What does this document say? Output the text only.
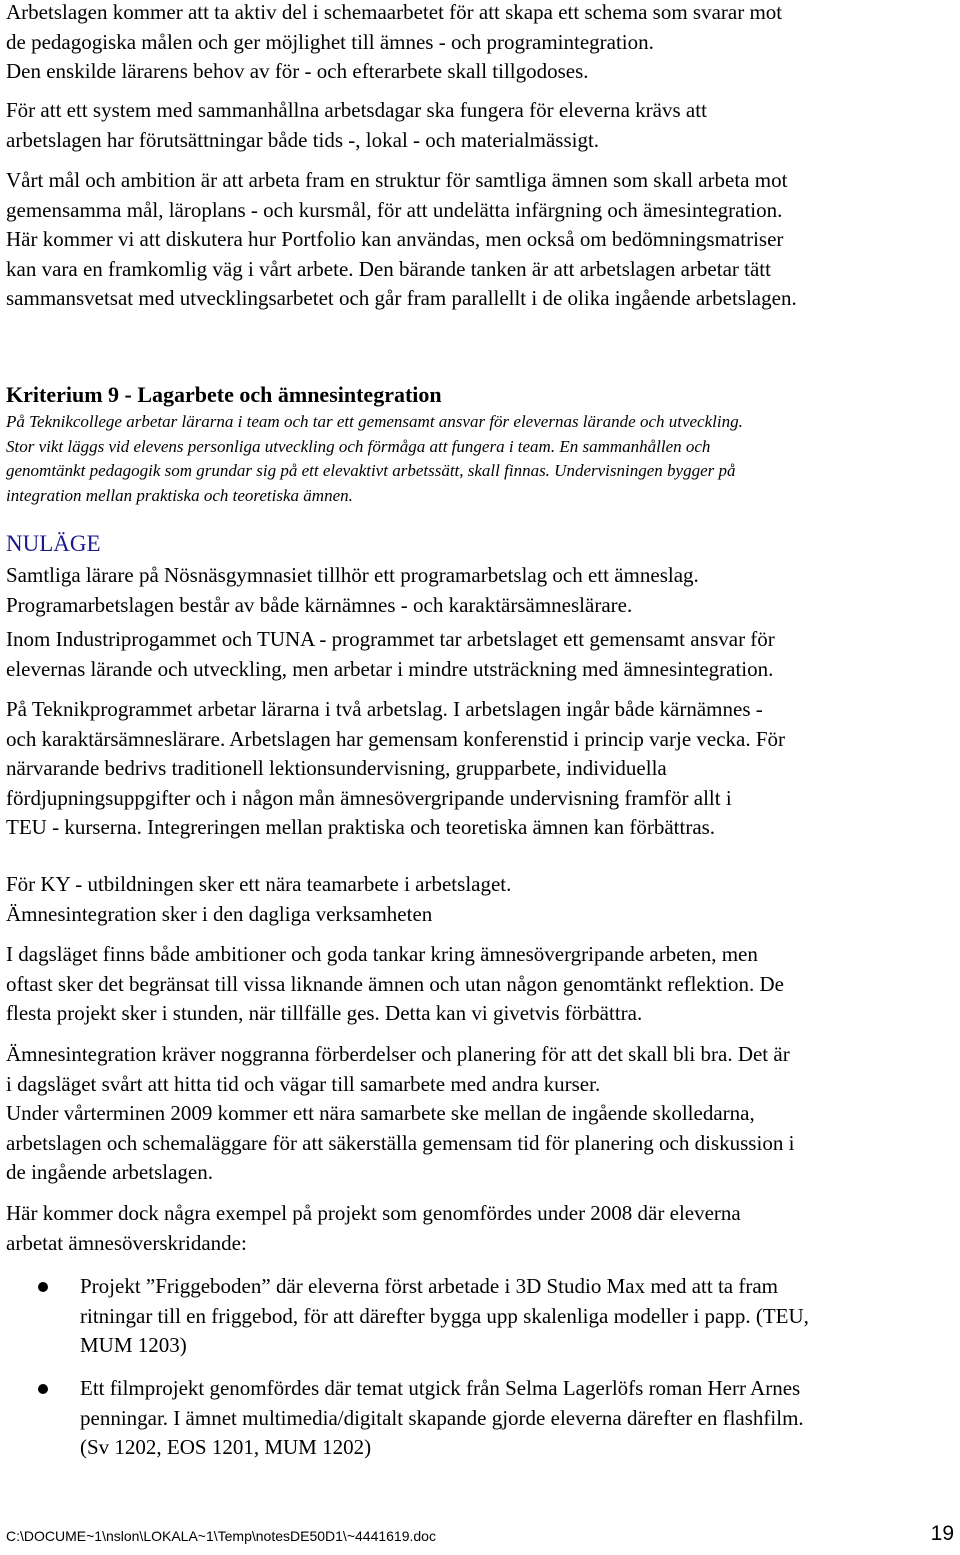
Arbetslagen kommer att ta aktiv del i schemaarbetet för att skapa ett schema som svarar mot
de pedagogiska målen och ger möjlighet till ämnes - och programintegration.
Den enskilde lärarens behov av för - och efterarbete skall tillgodoses.
För att ett system med sammanhållna arbetsdagar ska fungera för eleverna krävs att
arbetslagen har förutsättningar både tids -, lokal - och materialmässigt.
Vårt mål och ambition är att arbeta fram en struktur för samtliga ämnen som skall arbeta mot
gemensamma mål, läroplans - och kursmål, för att undelätta infärgning och ämesintegration.
Här kommer vi att diskutera hur Portfolio kan användas, men också om bedömningsmatriser
kan vara en framkomlig väg i vårt arbete. Den bärande tanken är att arbetslagen arbetar tätt
sammansvetsat med utvecklingsarbetet och går fram parallellt i de olika ingående arbetslagen.
Kriterium 9 - Lagarbete och ämnesintegration
På Teknikcollege arbetar lärarna i team och tar ett gemensamt ansvar för elevernas lärande och utveckling.
Stor vikt läggs vid elevens personliga utveckling och förmåga att fungera i team. En sammanhållen och
genomtänkt pedagogik som grundar sig på ett elevaktivt arbetssätt, skall finnas. Undervisningen bygger på
integration mellan praktiska och teoretiska ämnen.
NULÄGE
Samtliga lärare på Nösnäsgymnasiet tillhör ett programarbetslag och ett ämneslag.
Programarbetslagen består av både kärnämnes - och karaktärsämneslärare.
Inom Industriprogammet och TUNA - programmet tar arbetslaget ett gemensamt ansvar för
elevernas lärande och utveckling, men arbetar i mindre utsträckning med ämnesintegration.
På Teknikprogrammet arbetar lärarna i två arbetslag. I arbetslagen ingår både kärnämnes -
och karaktärsämneslärare. Arbetslagen har gemensam konferenstid i princip varje vecka. För
närvarande bedrivs traditionell lektionsundervisning, grupparbete, individuella
fördjupningsuppgifter och i någon mån ämnesövergripande undervisning framför allt i
TEU - kurserna. Integreringen mellan praktiska och teoretiska ämnen kan förbättras.
För KY - utbildningen sker ett nära teamarbete i arbetslaget.
Ämnesintegration sker i den dagliga verksamheten
I dagsläget finns både ambitioner och goda tankar kring ämnesövergripande arbeten, men
oftast sker det begränsat till vissa liknande ämnen och utan någon genomtänkt reflektion. De
flesta projekt sker i stunden, när tillfälle ges. Detta kan vi givetvis förbättra.
Ämnesintegration kräver noggranna förberdelser och planering för att det skall bli bra. Det är
i dagsläget svårt att hitta tid och vägar till samarbete med andra kurser.
Under vårterminen 2009 kommer ett nära samarbete ske mellan de ingående skolledarna,
arbetslagen och schemaläggare för att säkerställa gemensam tid för planering och diskussion i
de ingående arbetslagen.
Här kommer dock några exempel på projekt som genomfördes under 2008 där eleverna
arbetat ämnesöverskridande:
Projekt ”Friggeboden” där eleverna först arbetade i 3D Studio Max med att ta fram
ritningar till en friggebod, för att därefter bygga upp skalenliga modeller i papp. (TEU,
MUM 1203)
Ett filmprojekt genomfördes där temat utgick från Selma Lagerlöfs roman Herr Arnes
penningar. I ämnet multimedia/digitalt skapande gjorde eleverna därefter en flashfilm.
(Sv 1202, EOS 1201, MUM 1202)
C:\DOCUME~1\nslon\LOKALA~1\Temp\notesDE50D1\~4441619.doc	19
